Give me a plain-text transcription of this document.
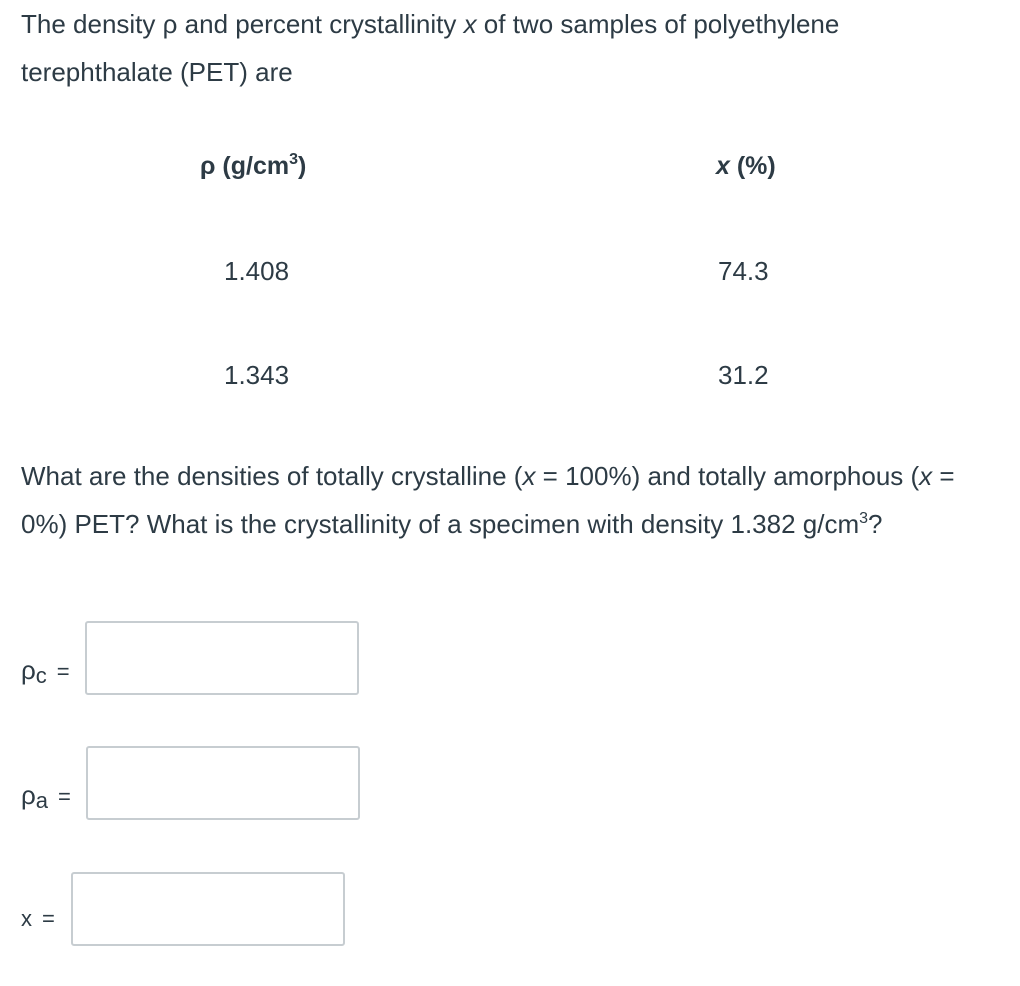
The density ρ and percent crystallinity x of two samples of polyethylene terephthalate (PET) are
ρ $(g/cm^3)$	x (%)
1.408	74.3
1.343	31.2
What are the densities of totally crystalline (x = 100%) and totally amorphous (x = 0%) PET? What is the crystallinity of a specimen with density 1.382 $g/cm^3$?
ρc =
ρa =
x =
